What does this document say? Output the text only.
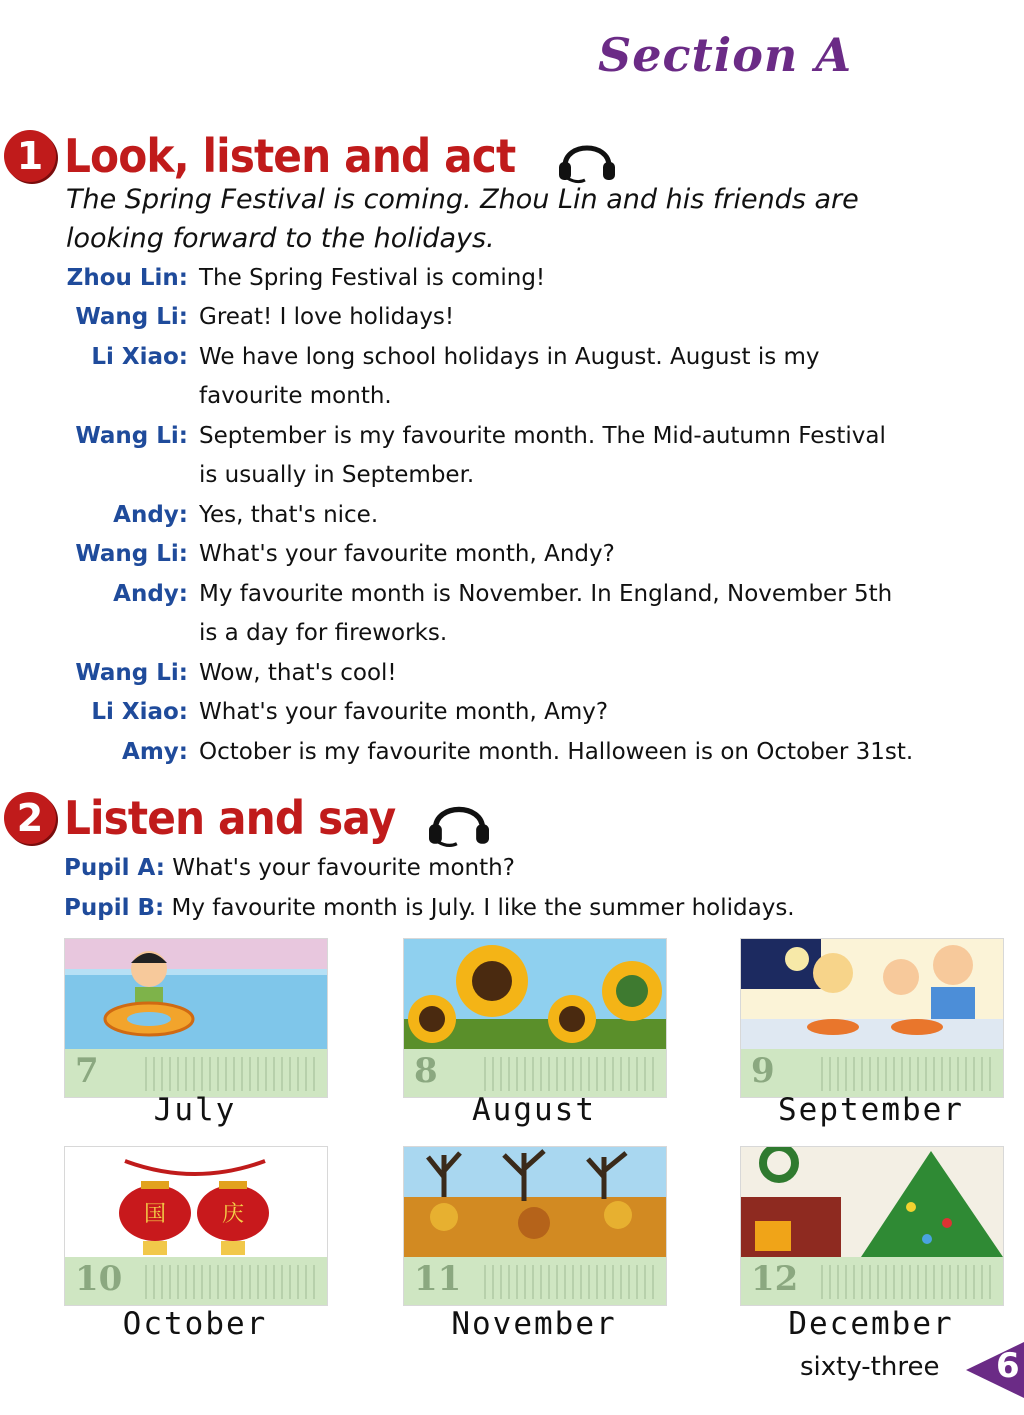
Section A
1 Look, listen and act
The Spring Festival is coming. Zhou Lin and his friends are
looking forward to the holidays.
Zhou Lin: The Spring Festival is coming!
Wang Li: Great! I love holidays!
Li Xiao: We have long school holidays in August. August is my
favourite month.
Wang Li: September is my favourite month. The Mid-autumn Festival
is usually in September.
Andy: Yes, that's nice.
Wang Li: What's your favourite month, Andy?
Andy: My favourite month is November. In England, November 5th
is a day for fireworks.
Wang Li: Wow, that's cool!
Li Xiao: What's your favourite month, Amy?
Amy: October is my favourite month. Halloween is on October 31st.
2 Listen and say
Pupil A: What's your favourite month?
Pupil B: My favourite month is July. I like the summer holidays.
7
July
8
August
9
September
国	庆
10
October
11
November
12
December
sixty-three 6
